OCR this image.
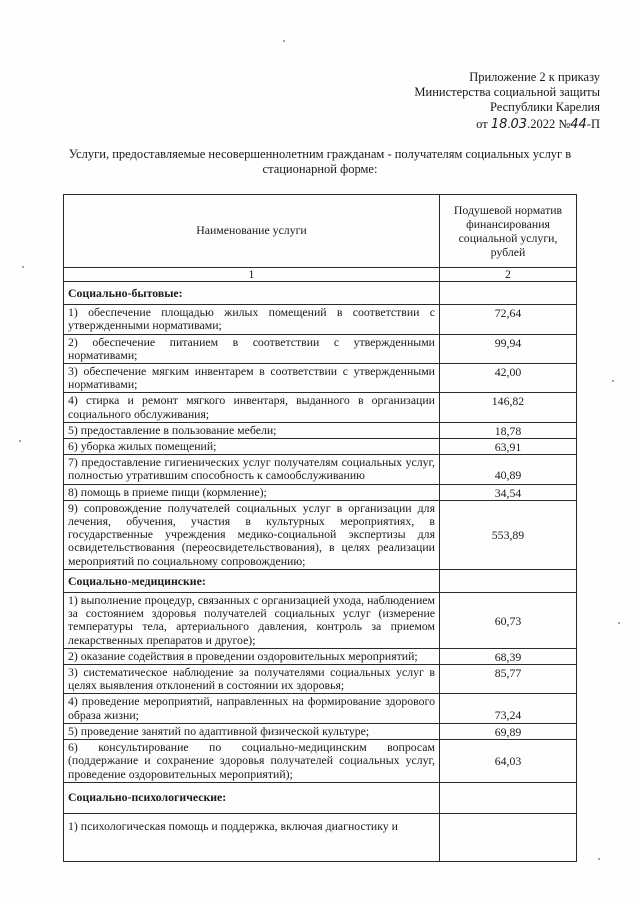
Приложение 2 к приказу
Министерства социальной защиты
Республики Карелия
от 18.03.2022 №44-П
Услуги, предоставляемые несовершеннолетним гражданам - получателям социальных услуг в стационарной форме:
Наименование услуги	Подушевой норматив финансирования социальной услуги, рублей
1	2
Социально-бытовые:	
1) обеспечение площадью жилых помещений в соответствии с утвержденными нормативами;	72,64
2) обеспечение питанием в соответствии с утвержденными нормативами;	99,94
3) обеспечение мягким инвентарем в соответствии с утвержденными нормативами;	42,00
4) стирка и ремонт мягкого инвентаря, выданного в организации социального обслуживания;	146,82
5) предоставление в пользование мебели;	18,78
6) уборка жилых помещений;	63,91
7) предоставление гигиенических услуг получателям социальных услуг, полностью утратившим способность к самообслуживанию	40,89
8) помощь в приеме пищи (кормление);	34,54
9) сопровождение получателей социальных услуг в организации для лечения, обучения, участия в культурных мероприятиях, в государственные учреждения медико-социальной экспертизы для освидетельствования (переосвидетельствования), в целях реализации мероприятий по социальному сопровождению;	553,89
Социально-медицинские:	
1) выполнение процедур, связанных с организацией ухода, наблюдением за состоянием здоровья получателей социальных услуг (измерение температуры тела, артериального давления, контроль за приемом лекарственных препаратов и другое);	60,73
2) оказание содействия в проведении оздоровительных мероприятий;	68,39
3) систематическое наблюдение за получателями социальных услуг в целях выявления отклонений в состоянии их здоровья;	85,77
4) проведение мероприятий, направленных на формирование здорового образа жизни;	73,24
5) проведение занятий по адаптивной физической культуре;	69,89
6) консультирование по социально-медицинским вопросам (поддержание и сохранение здоровья получателей социальных услуг, проведение оздоровительных мероприятий);	64,03
Социально-психологические:	
1) психологическая помощь и поддержка, включая диагностику и	
